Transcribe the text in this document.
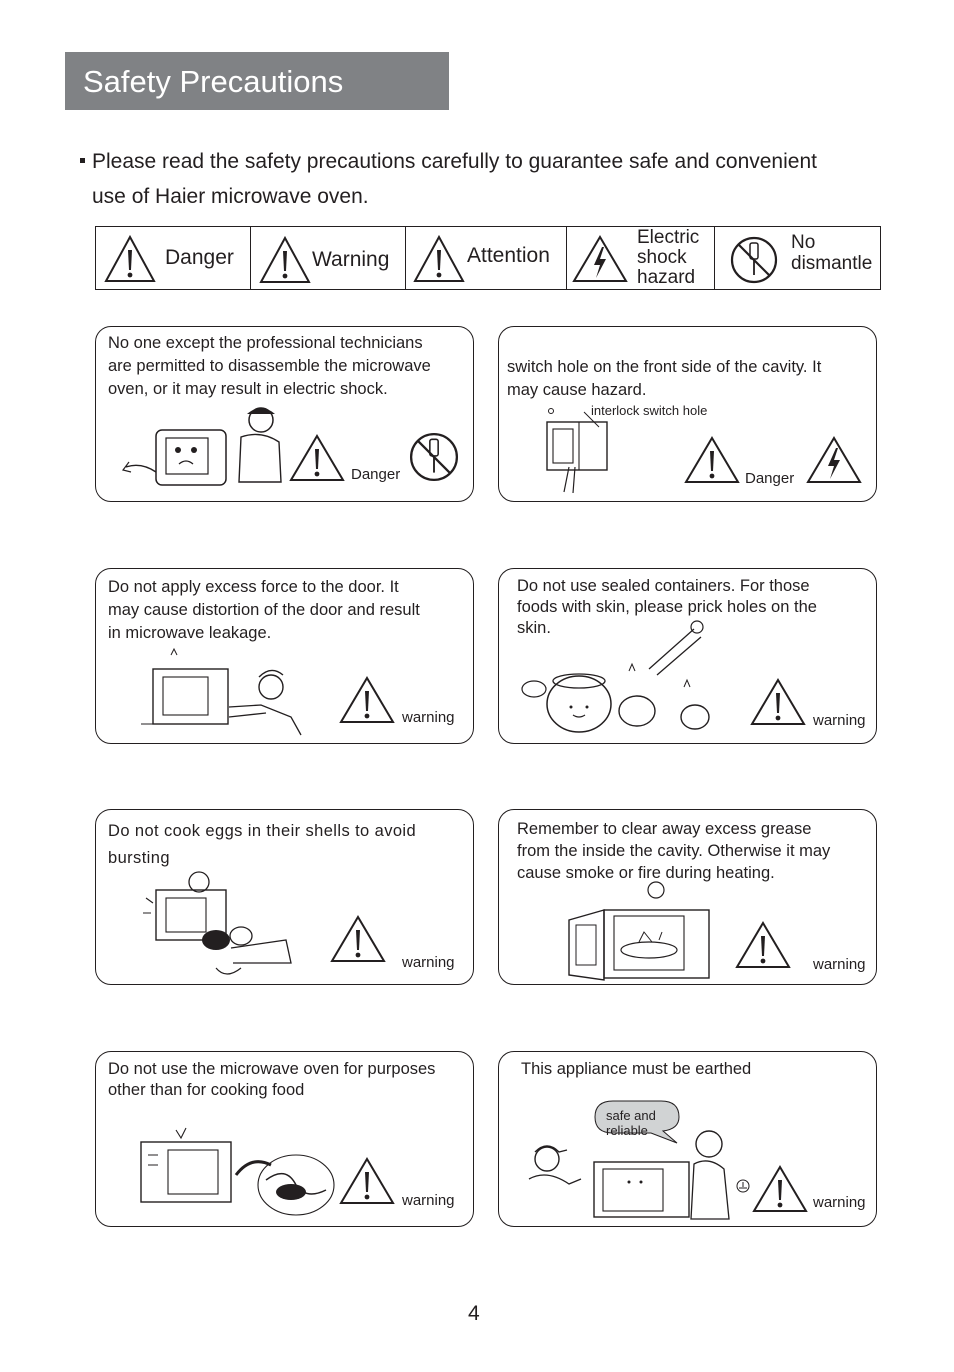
Safety Precautions
Please read the safety precautions carefully to guarantee safe and convenient
use of Haier microwave oven.
Danger	Warning	Attention
Electric
shock
hazard
No
dismantle
No one except the professional technicians
are permitted to disassemble the microwave
oven, or it may result in electric shock.
Danger
switch hole on the front side of the cavity. It
may cause hazard.
interlock switch hole
Danger
Do not apply excess force to the door. It
may cause distortion of the door and result
in microwave leakage.
warning
Do not use sealed containers. For those
foods with skin, please prick holes on the
skin.
warning
Do not cook eggs in their shells to avoid
bursting
warning
Remember to clear away excess grease
from the inside the cavity. Otherwise it may
cause smoke or fire during heating.
warning
Do not use the microwave oven for purposes
other than for cooking food
warning
This appliance must be earthed
safe and
reliable
warning
4
